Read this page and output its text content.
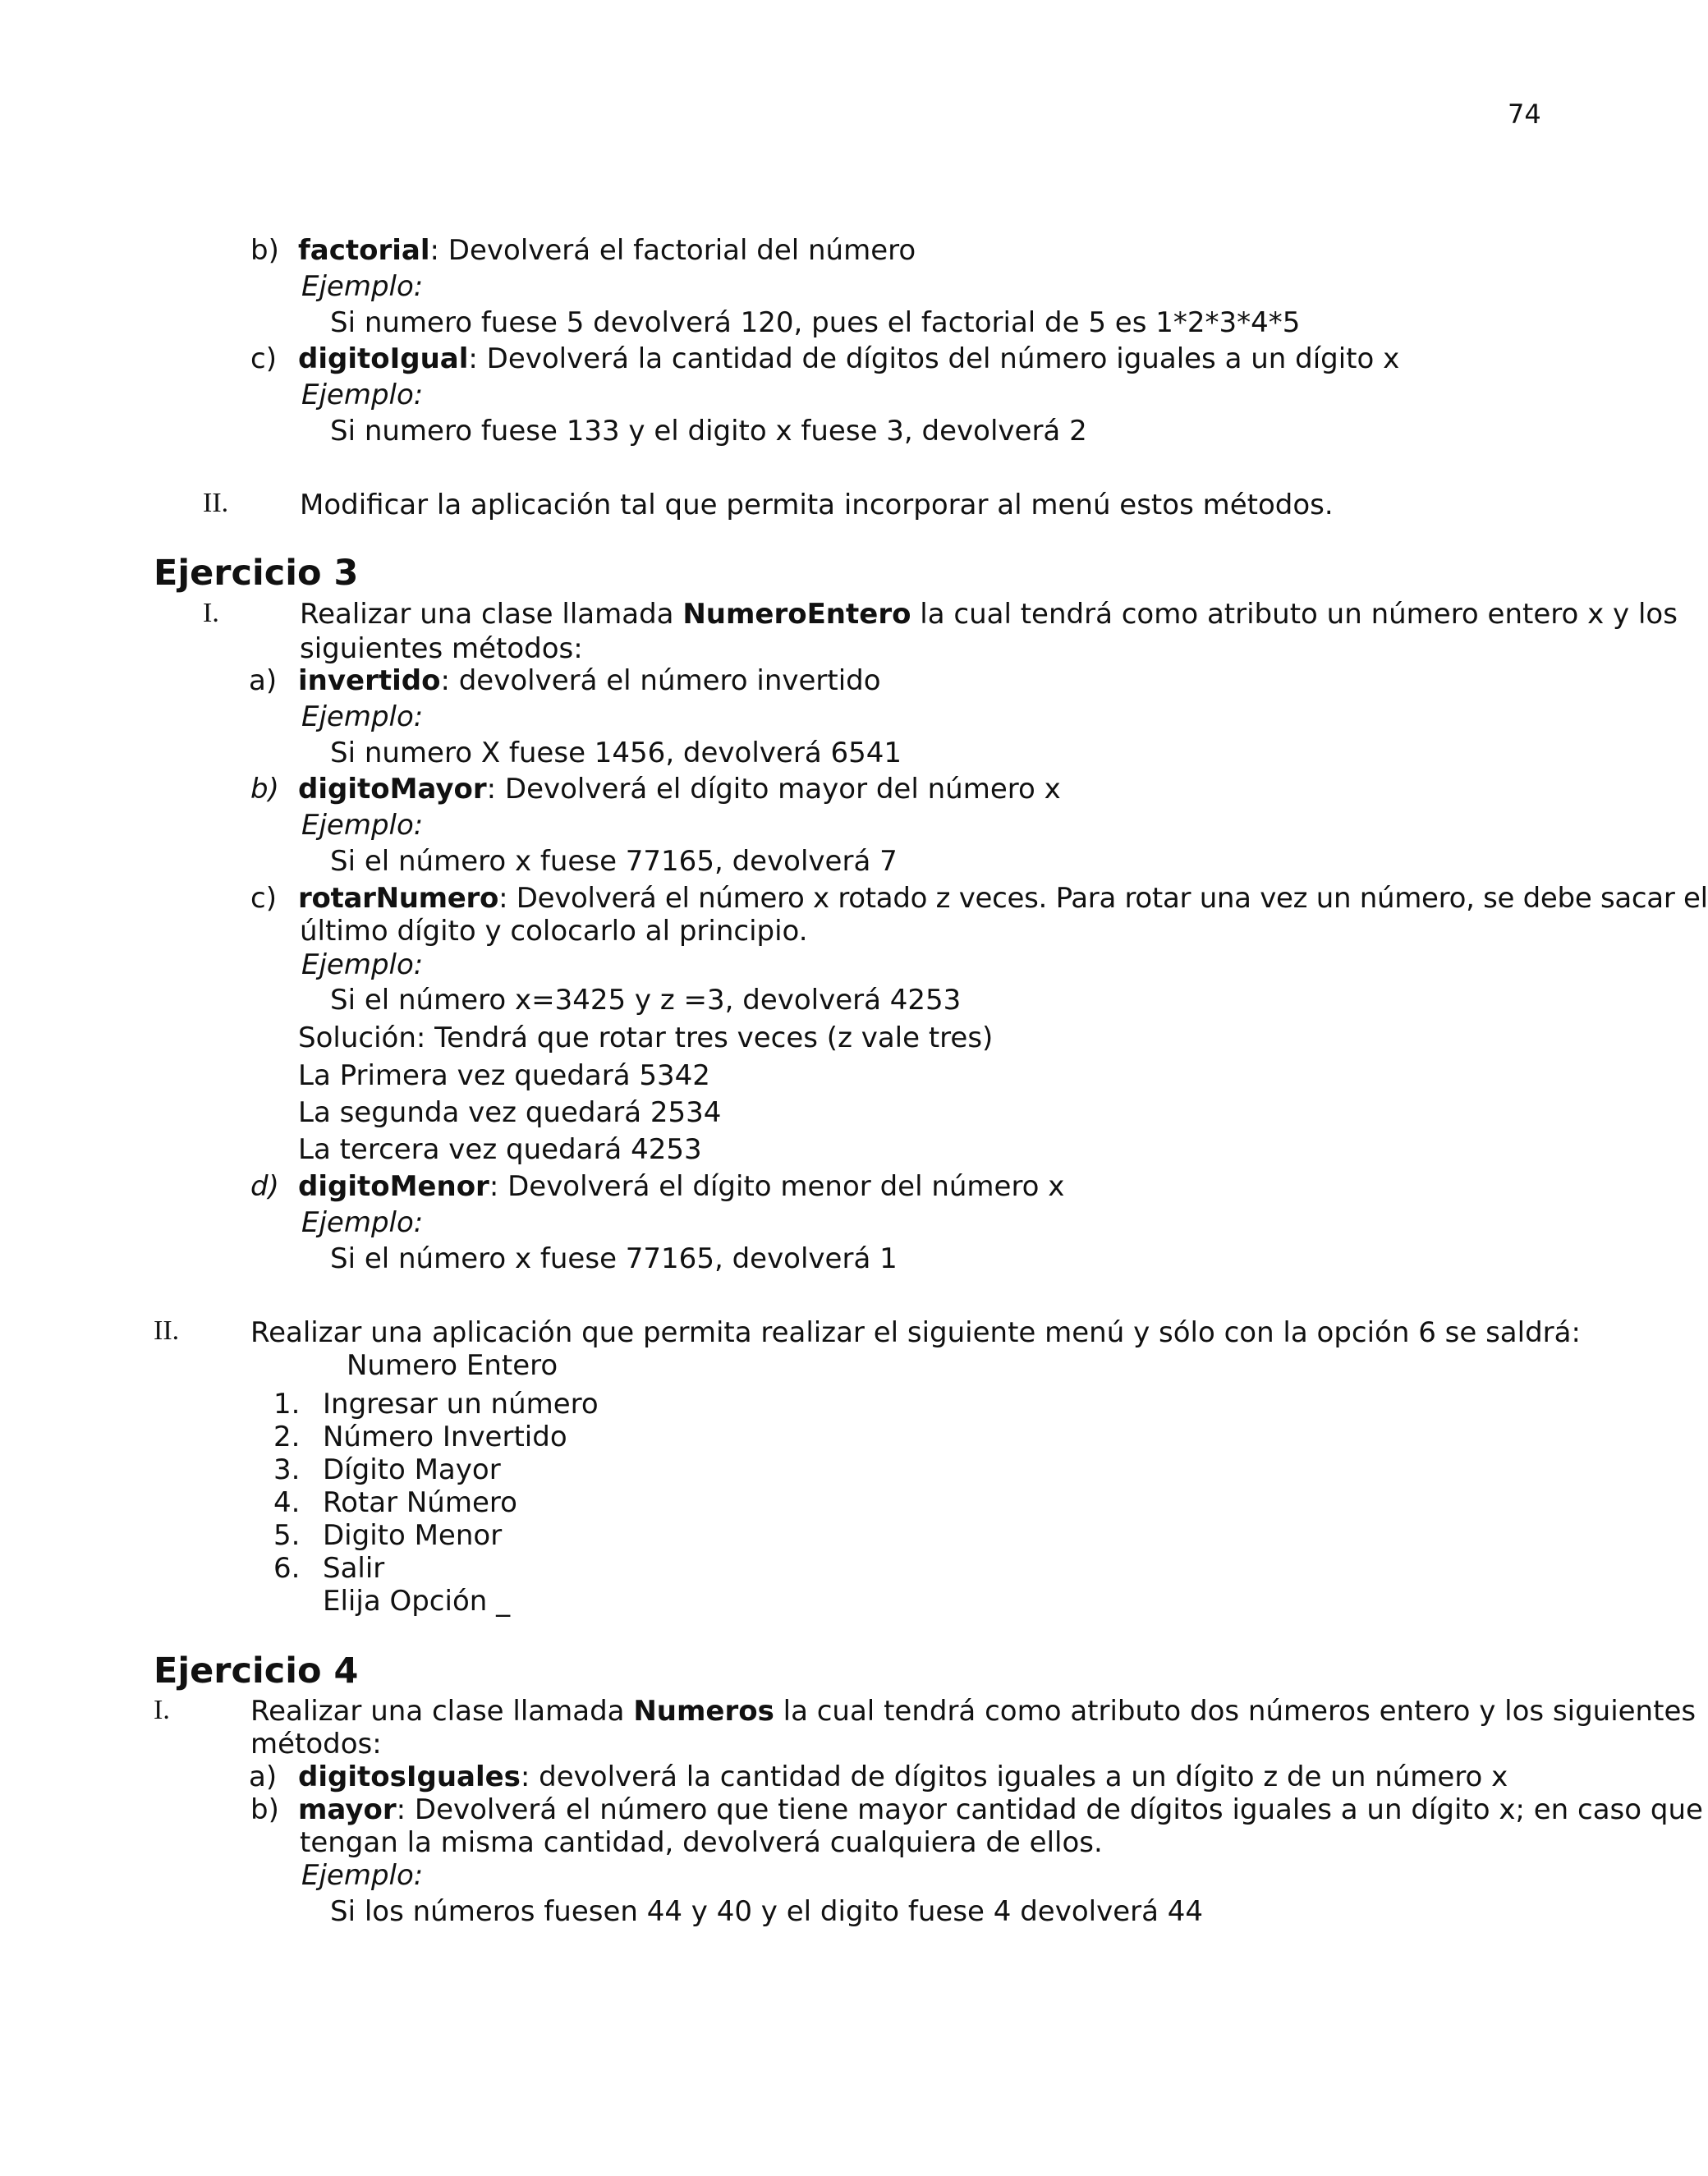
74
b) factorial: Devolverá el factorial del número
Ejemplo:
Si numero fuese 5 devolverá 120, pues el factorial de 5 es 1*2*3*4*5
c) digitoIgual: Devolverá la cantidad de dígitos del número iguales a un dígito x
Ejemplo:
Si numero fuese 133 y el digito x fuese 3, devolverá 2
II.	Modificar la aplicación tal que permita incorporar al menú estos métodos.
Ejercicio 3
I.	Realizar una clase llamada NumeroEntero la cual tendrá como atributo un número entero x y los
siguientes métodos:
a) invertido: devolverá el número invertido
Ejemplo:
Si numero X fuese 1456, devolverá 6541
b) digitoMayor: Devolverá el dígito mayor del número x
Ejemplo:
Si el número x fuese 77165, devolverá 7
c) rotarNumero: Devolverá el número x rotado z veces. Para rotar una vez un número, se debe sacar el
último dígito y colocarlo al principio.
Ejemplo:
Si el número x=3425 y z =3, devolverá 4253
Solución: Tendrá que rotar tres veces (z vale tres)
La Primera vez quedará 5342
La segunda vez quedará 2534
La tercera vez quedará 4253
d) digitoMenor: Devolverá el dígito menor del número x
Ejemplo:
Si el número x fuese 77165, devolverá 1
II.	Realizar una aplicación que permita realizar el siguiente menú y sólo con la opción 6 se saldrá:
Numero Entero
1. Ingresar un número
2. Número Invertido
3. Dígito Mayor
4. Rotar Número
5. Digito Menor
6. Salir
Elija Opción _
Ejercicio 4
I.	Realizar una clase llamada Numeros la cual tendrá como atributo dos números entero y los siguientes
métodos:
a) digitosIguales: devolverá la cantidad de dígitos iguales a un dígito z de un número x
b) mayor: Devolverá el número que tiene mayor cantidad de dígitos iguales a un dígito x; en caso que
tengan la misma cantidad, devolverá cualquiera de ellos.
Ejemplo:
Si los números fuesen 44 y 40 y el digito fuese 4 devolverá 44
